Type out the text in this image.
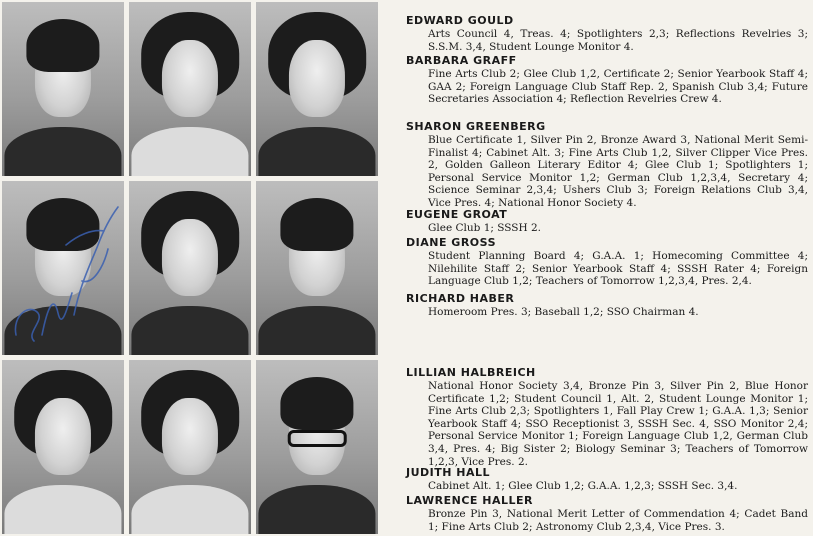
EDWARD GOULD

Arts Council 4, Treas. 4; Spotlighters 2,3; Reflections Revelries 3; S.S.M. 3,4, Student Lounge Monitor 4.

BARBARA GRAFF

Fine Arts Club 2; Glee Club 1,2, Certificate 2; Senior Yearbook Staff 4; GAA 2; Foreign Language Club Staff Rep. 2, Spanish Club 3,4; Future Secretaries Association 4; Reflection Revelries Crew 4.

SHARON GREENBERG

Blue Certificate 1, Silver Pin 2, Bronze Award 3, National Merit Semi-Finalist 4; Cabinet Alt. 3; Fine Arts Club 1,2, Silver Clipper Vice Pres. 2, Golden Galleon Literary Editor 4; Glee Club 1; Spotlighters 1; Personal Service Monitor 1,2; German Club 1,2,3,4, Secretary 4; Science Seminar 2,3,4; Ushers Club 3; Foreign Relations Club 3,4, Vice Pres. 4; National Honor Society 4.

EUGENE GROAT

Glee Club 1; SSSH 2.

DIANE GROSS

Student Planning Board 4; G.A.A. 1; Homecoming Committee 4; Nilehilite Staff 2; Senior Yearbook Staff 4; SSSH Rater 4; Foreign Language Club 1,2; Teachers of Tomorrow 1,2,3,4, Pres. 2,4.

RICHARD HABER

Homeroom Pres. 3; Baseball 1,2; SSO Chairman 4.

LILLIAN HALBREICH

National Honor Society 3,4, Bronze Pin 3, Silver Pin 2, Blue Honor Certificate 1,2; Student Council 1, Alt. 2, Student Lounge Monitor 1; Fine Arts Club 2,3; Spotlighters 1, Fall Play Crew 1; G.A.A. 1,3; Senior Yearbook Staff 4; SSO Receptionist 3, SSSH Sec. 4, SSO Monitor 2,4; Personal Service Monitor 1; Foreign Language Club 1,2, German Club 3,4, Pres. 4; Big Sister 2; Biology Seminar 3; Teachers of Tomorrow 1,2,3, Vice Pres. 2.

JUDITH HALL

Cabinet Alt. 1; Glee Club 1,2; G.A.A. 1,2,3; SSSH Sec. 3,4.

LAWRENCE HALLER

Bronze Pin 3, National Merit Letter of Commendation 4; Cadet Band 1; Fine Arts Club 2; Astronomy Club 2,3,4, Vice Pres. 3.
